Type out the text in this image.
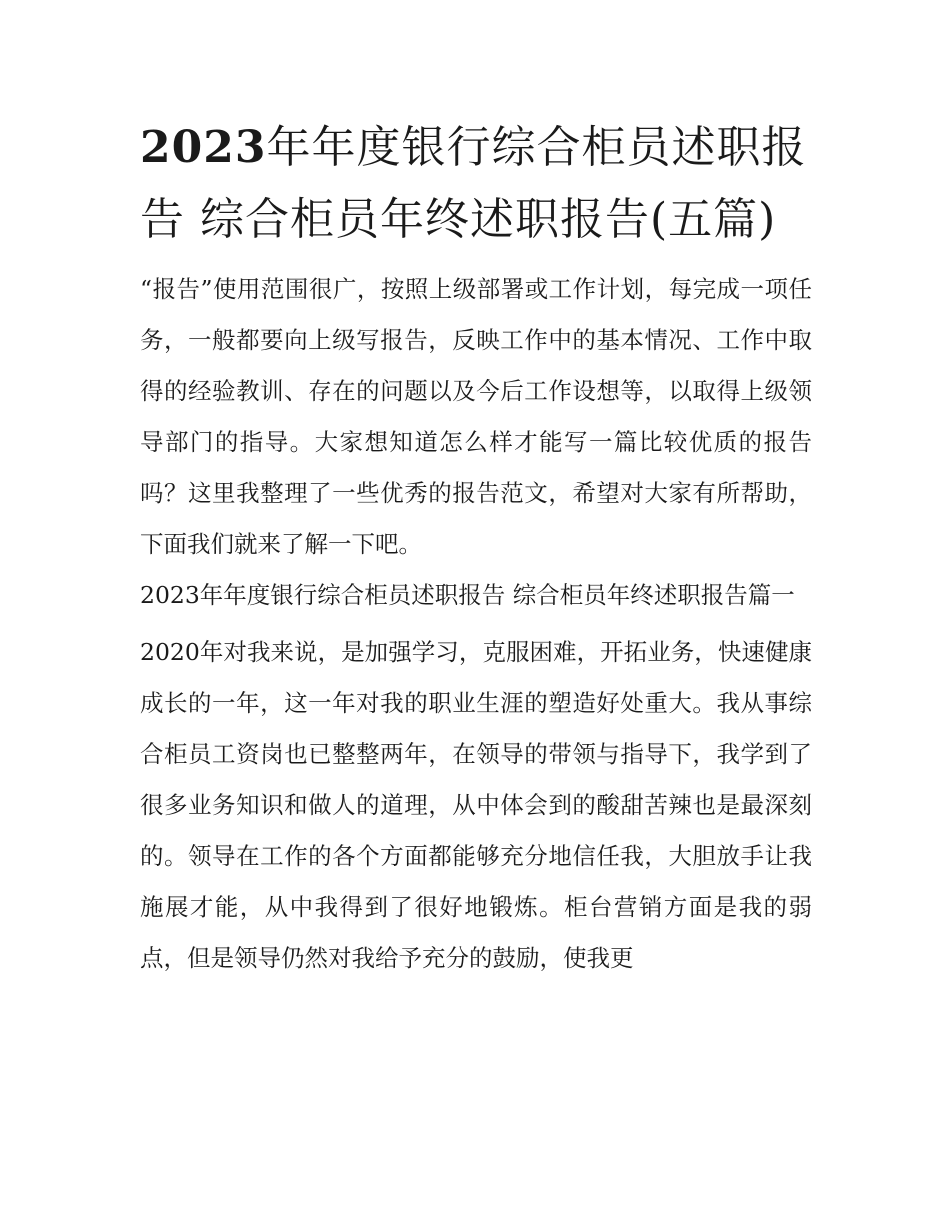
2023年年度银行综合柜员述职报告 综合柜员年终述职报告(五篇)

“报告”使用范围很广，按照上级部署或工作计划，每完成一项任务，一般都要向上级写报告，反映工作中的基本情况、工作中取得的经验教训、存在的问题以及今后工作设想等，以取得上级领导部门的指导。大家想知道怎么样才能写一篇比较优质的报告吗？这里我整理了一些优秀的报告范文，希望对大家有所帮助，下面我们就来了解一下吧。

2023年年度银行综合柜员述职报告 综合柜员年终述职报告篇一

2020年对我来说，是加强学习，克服困难，开拓业务，快速健康成长的一年，这一年对我的职业生涯的塑造好处重大。我从事综合柜员工资岗也已整整两年，在领导的带领与指导下，我学到了很多业务知识和做人的道理，从中体会到的酸甜苦辣也是最深刻的。领导在工作的各个方面都能够充分地信任我，大胆放手让我施展才能，从中我得到了很好地锻炼。柜台营销方面是我的弱点，但是领导仍然对我给予充分的鼓励，使我更
